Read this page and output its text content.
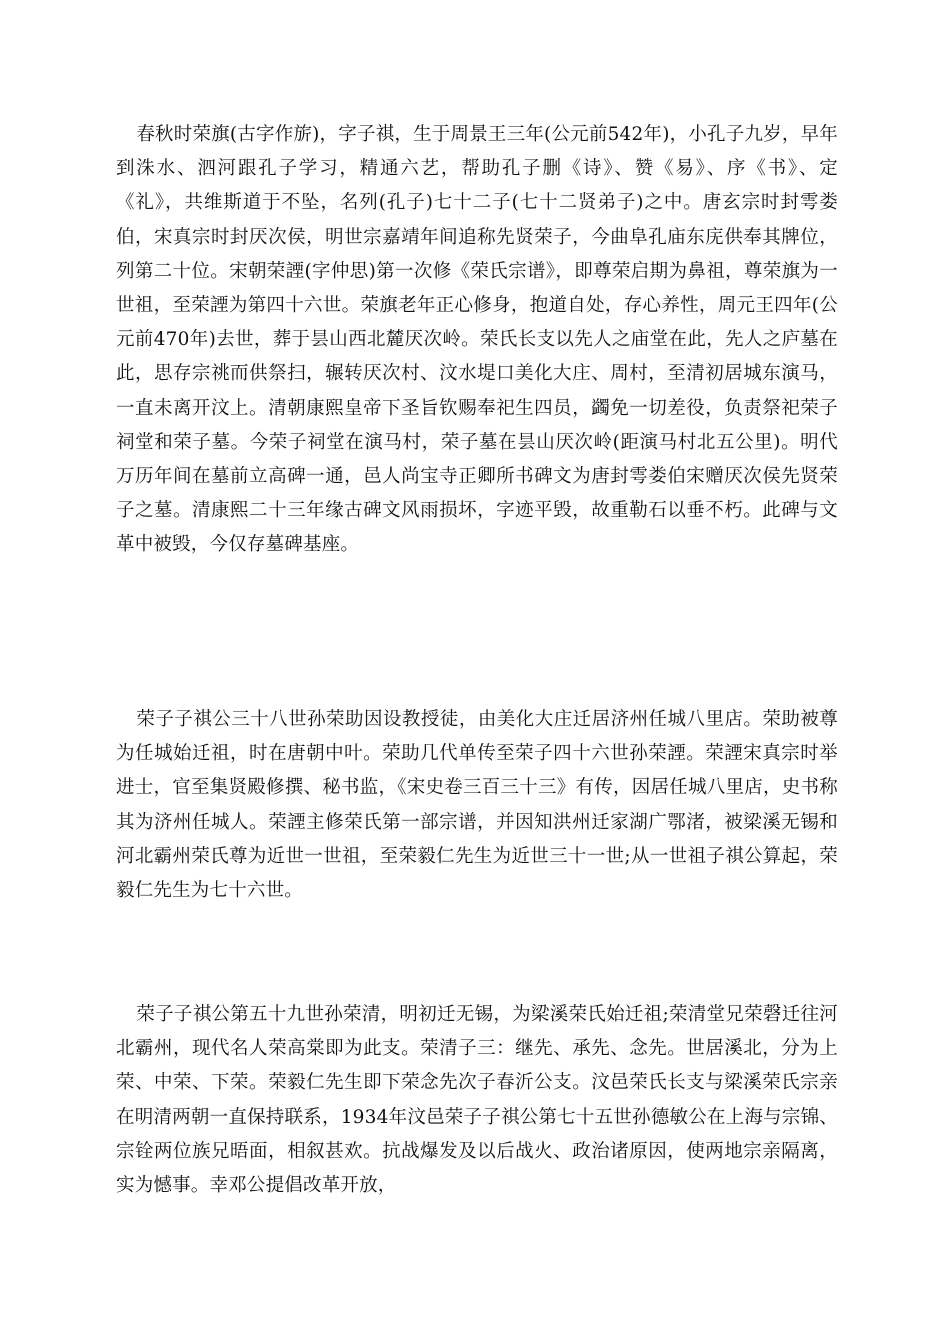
春秋时荣旗(古字作旂)，字子祺，生于周景王三年(公元前542年)，小孔子九岁，早年到洙水、泗河跟孔子学习，精通六艺，帮助孔子删《诗》、赞《易》、序《书》、定《礼》，共维斯道于不坠，名列(孔子)七十二子(七十二贤弟子)之中。唐玄宗时封雩娄伯，宋真宗时封厌次侯，明世宗嘉靖年间追称先贤荣子，今曲阜孔庙东庑供奉其牌位，列第二十位。宋朝荣諲(字仲思)第一次修《荣氏宗谱》，即尊荣启期为鼻祖，尊荣旗为一世祖，至荣諲为第四十六世。荣旗老年正心修身，抱道自处，存心养性，周元王四年(公元前470年)去世，葬于昙山西北麓厌次岭。荣氏长支以先人之庙堂在此，先人之庐墓在此，思存宗祧而供祭扫，辗转厌次村、汶水堤口美化大庄、周村，至清初居城东演马，一直未离开汶上。清朝康熙皇帝下圣旨钦赐奉祀生四员，蠲免一切差役，负责祭祀荣子祠堂和荣子墓。今荣子祠堂在演马村，荣子墓在昙山厌次岭(距演马村北五公里)。明代万历年间在墓前立高碑一通，邑人尚宝寺正卿所书碑文为唐封雩娄伯宋赠厌次侯先贤荣子之墓。清康熙二十三年缘古碑文风雨损坏，字迹平毁，故重勒石以垂不朽。此碑与文革中被毁，今仅存墓碑基座。

荣子子祺公三十八世孙荣助因设教授徒，由美化大庄迁居济州任城八里店。荣助被尊为任城始迁祖，时在唐朝中叶。荣助几代单传至荣子四十六世孙荣諲。荣諲宋真宗时举进士，官至集贤殿修撰、秘书监，《宋史卷三百三十三》有传，因居任城八里店，史书称其为济州任城人。荣諲主修荣氏第一部宗谱，并因知洪州迁家湖广鄂渚，被梁溪无锡和河北霸州荣氏尊为近世一世祖，至荣毅仁先生为近世三十一世;从一世祖子祺公算起，荣毅仁先生为七十六世。

荣子子祺公第五十九世孙荣清，明初迁无锡，为梁溪荣氏始迁祖;荣清堂兄荣磬迁往河北霸州，现代名人荣高棠即为此支。荣清子三：继先、承先、念先。世居溪北，分为上荣、中荣、下荣。荣毅仁先生即下荣念先次子春沂公支。汶邑荣氏长支与梁溪荣氏宗亲在明清两朝一直保持联系，1934年汶邑荣子子祺公第七十五世孙德敏公在上海与宗锦、宗铨两位族兄晤面，相叙甚欢。抗战爆发及以后战火、政治诸原因，使两地宗亲隔离，实为憾事。幸邓公提倡改革开放，
